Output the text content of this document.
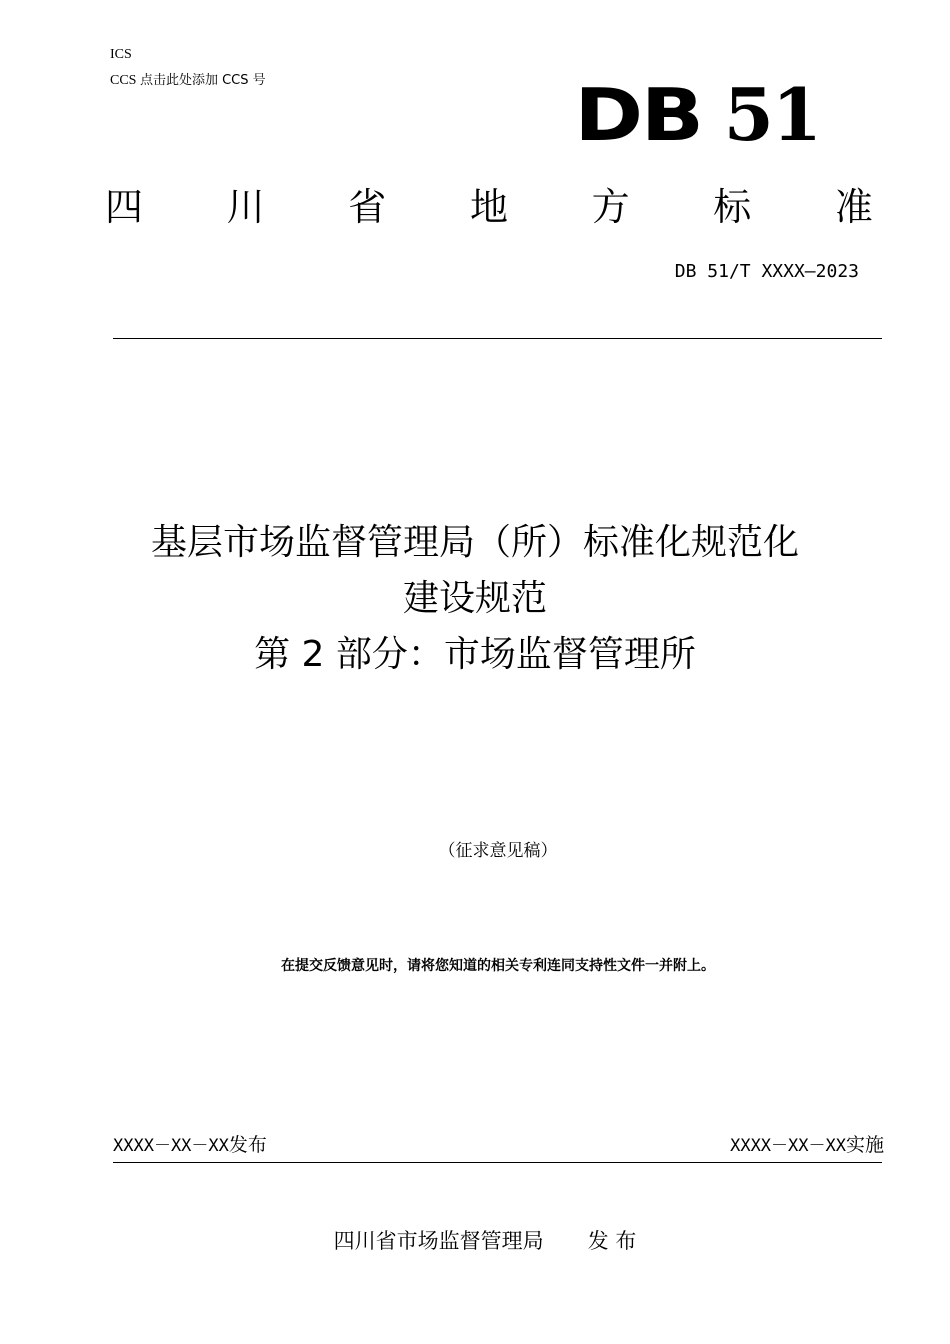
ICS
CCS 点击此处添加 CCS 号	DB 51
四 川 省 地 方 标 准
DB 51/T XXXX—2023
基层市场监督管理局（所）标准化规范化
建设规范
第 2 部分：市场监督管理所
（征求意见稿）
在提交反馈意见时，请将您知道的相关专利连同支持性文件一并附上。
XXXX－XX－XX发布	XXXX－XX－XX实施
四川省市场监督管理局 发 布
